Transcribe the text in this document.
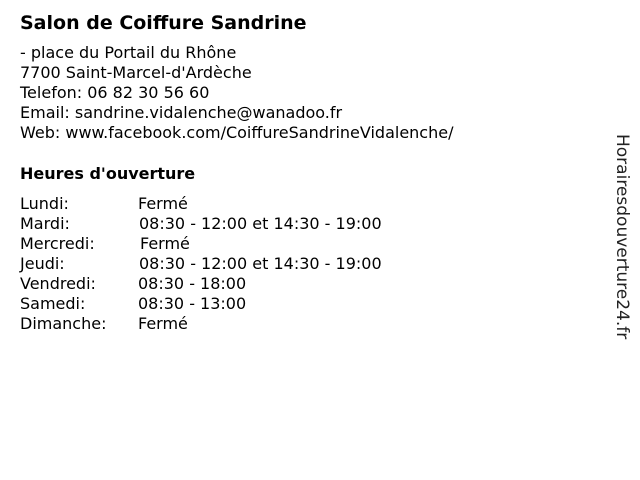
Salon de Coiffure Sandrine
- place du Portail du Rhône
7700 Saint-Marcel-d'Ardèche
Telefon: 06 82 30 56 60
Email: sandrine.vidalenche@wanadoo.fr
Web: www.facebook.com/CoiffureSandrineVidalenche/
Heures d'ouverture
Lundi:	Fermé
Mardi:	08:30 - 12:00 et 14:30 - 19:00
Mercredi:	Fermé
Jeudi:	08:30 - 12:00 et 14:30 - 19:00
Vendredi:	08:30 - 18:00
Samedi:	08:30 - 13:00
Dimanche: Fermé	Horairesdouverture24.fr
